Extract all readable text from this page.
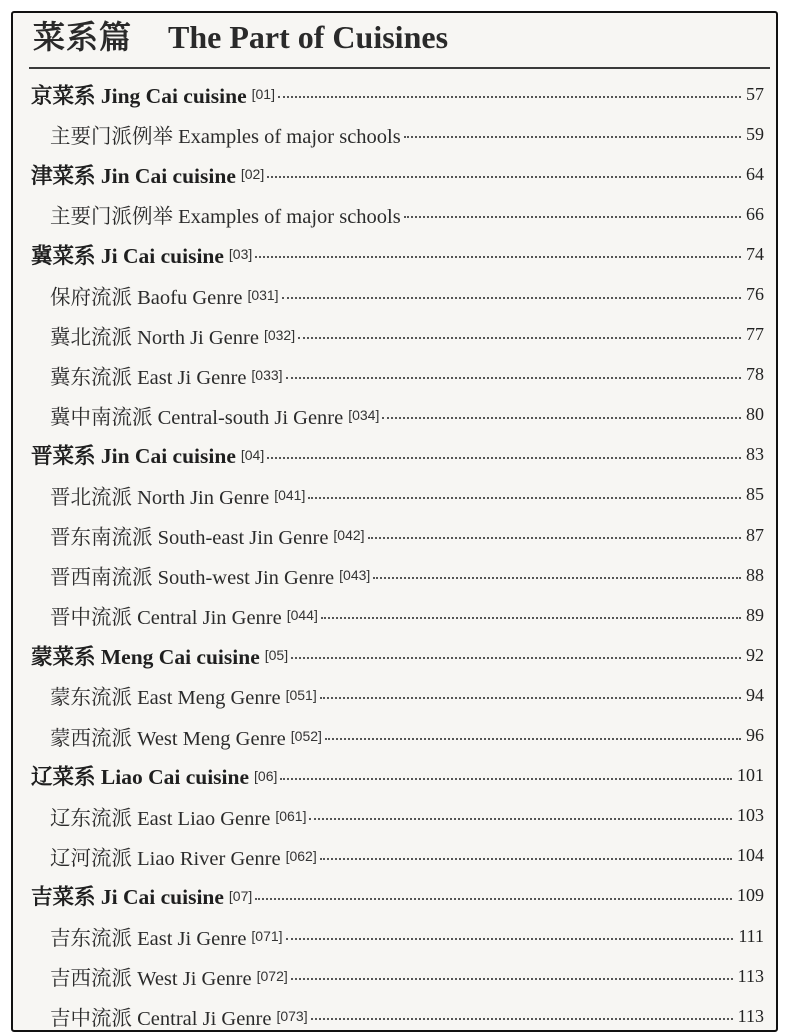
菜系篇 The Part of Cuisines
京菜系 Jing Cai cuisine [01]	57
主要门派例举 Examples of major schools	59
津菜系 Jin Cai cuisine [02]	64
主要门派例举 Examples of major schools	66
冀菜系 Ji Cai cuisine [03]	74
保府流派 Baofu Genre [031]	76
冀北流派 North Ji Genre [032]	77
冀东流派 East Ji Genre [033]	78
冀中南流派 Central-south Ji Genre [034]	80
晋菜系 Jin Cai cuisine [04]	83
晋北流派 North Jin Genre [041]	85
晋东南流派 South-east Jin Genre [042]	87
晋西南流派 South-west Jin Genre [043]	88
晋中流派 Central Jin Genre [044]	89
蒙菜系 Meng Cai cuisine [05]	92
蒙东流派 East Meng Genre [051]	94
蒙西流派 West Meng Genre [052]	96
辽菜系 Liao Cai cuisine [06]	101
辽东流派 East Liao Genre [061]	103
辽河流派 Liao River Genre [062]	104
吉菜系 Ji Cai cuisine [07]	109
吉东流派 East Ji Genre [071]	111
吉西流派 West Ji Genre [072]	113
吉中流派 Central Ji Genre [073]	113
